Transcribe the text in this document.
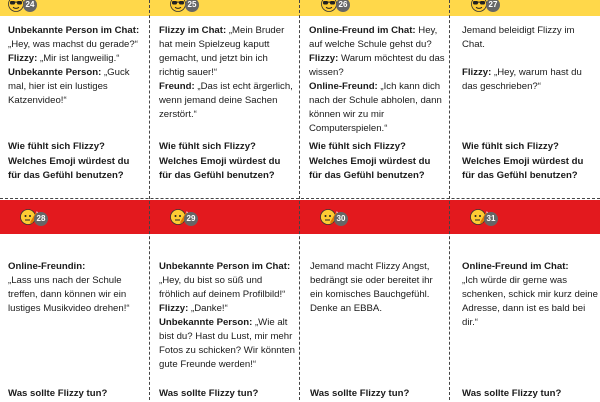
24	25	26	27

Unbekannte Person im Chat: „Hey, was machst du gerade?“

Flizzy: „Mir ist langweilig.“

Unbekannte Person: „Guck mal, hier ist ein lustiges Katzenvideo!“

Wie fühlt sich Flizzy?
Welches Emoji würdest du
für das Gefühl benutzen?

Flizzy im Chat: „Mein Bruder hat mein Spielzeug kaputt gemacht, und jetzt bin ich richtig sauer!“

Freund: „Das ist echt ärgerlich, wenn jemand deine Sachen zerstört.“

Wie fühlt sich Flizzy?
Welches Emoji würdest du
für das Gefühl benutzen?

Online-Freund im Chat: Hey, auf welche Schule gehst du?

Flizzy: Warum möchtest du das wissen?

Online-Freund: „Ich kann dich nach der Schule abholen, dann können wir zu mir Computerspielen.“

Wie fühlt sich Flizzy?
Welches Emoji würdest du
für das Gefühl benutzen?

Jemand beleidigt Flizzy im Chat.

Flizzy: „Hey, warum hast du das geschrieben?“

Wie fühlt sich Flizzy?
Welches Emoji würdest du
für das Gefühl benutzen?
28	29	30	31

Online-Freundin:

„Lass uns nach der Schule treffen, dann können wir ein lustiges Musikvideo drehen!“

Was sollte Flizzy tun?

Unbekannte Person im Chat: „Hey, du bist so süß und fröhlich auf deinem Profilbild!“

Flizzy: „Danke!“

Unbekannte Person: „Wie alt bist du? Hast du Lust, mir mehr Fotos zu schicken? Wir könnten gute Freunde werden!“

Was sollte Flizzy tun?

Jemand macht Flizzy Angst, bedrängt sie oder bereitet ihr ein komisches Bauchgefühl. Denke an EBBA.

Was sollte Flizzy tun?

Online-Freund im Chat:

„Ich würde dir gerne was schenken, schick mir kurz deine Adresse, dann ist es bald bei dir.“

Was sollte Flizzy tun?
